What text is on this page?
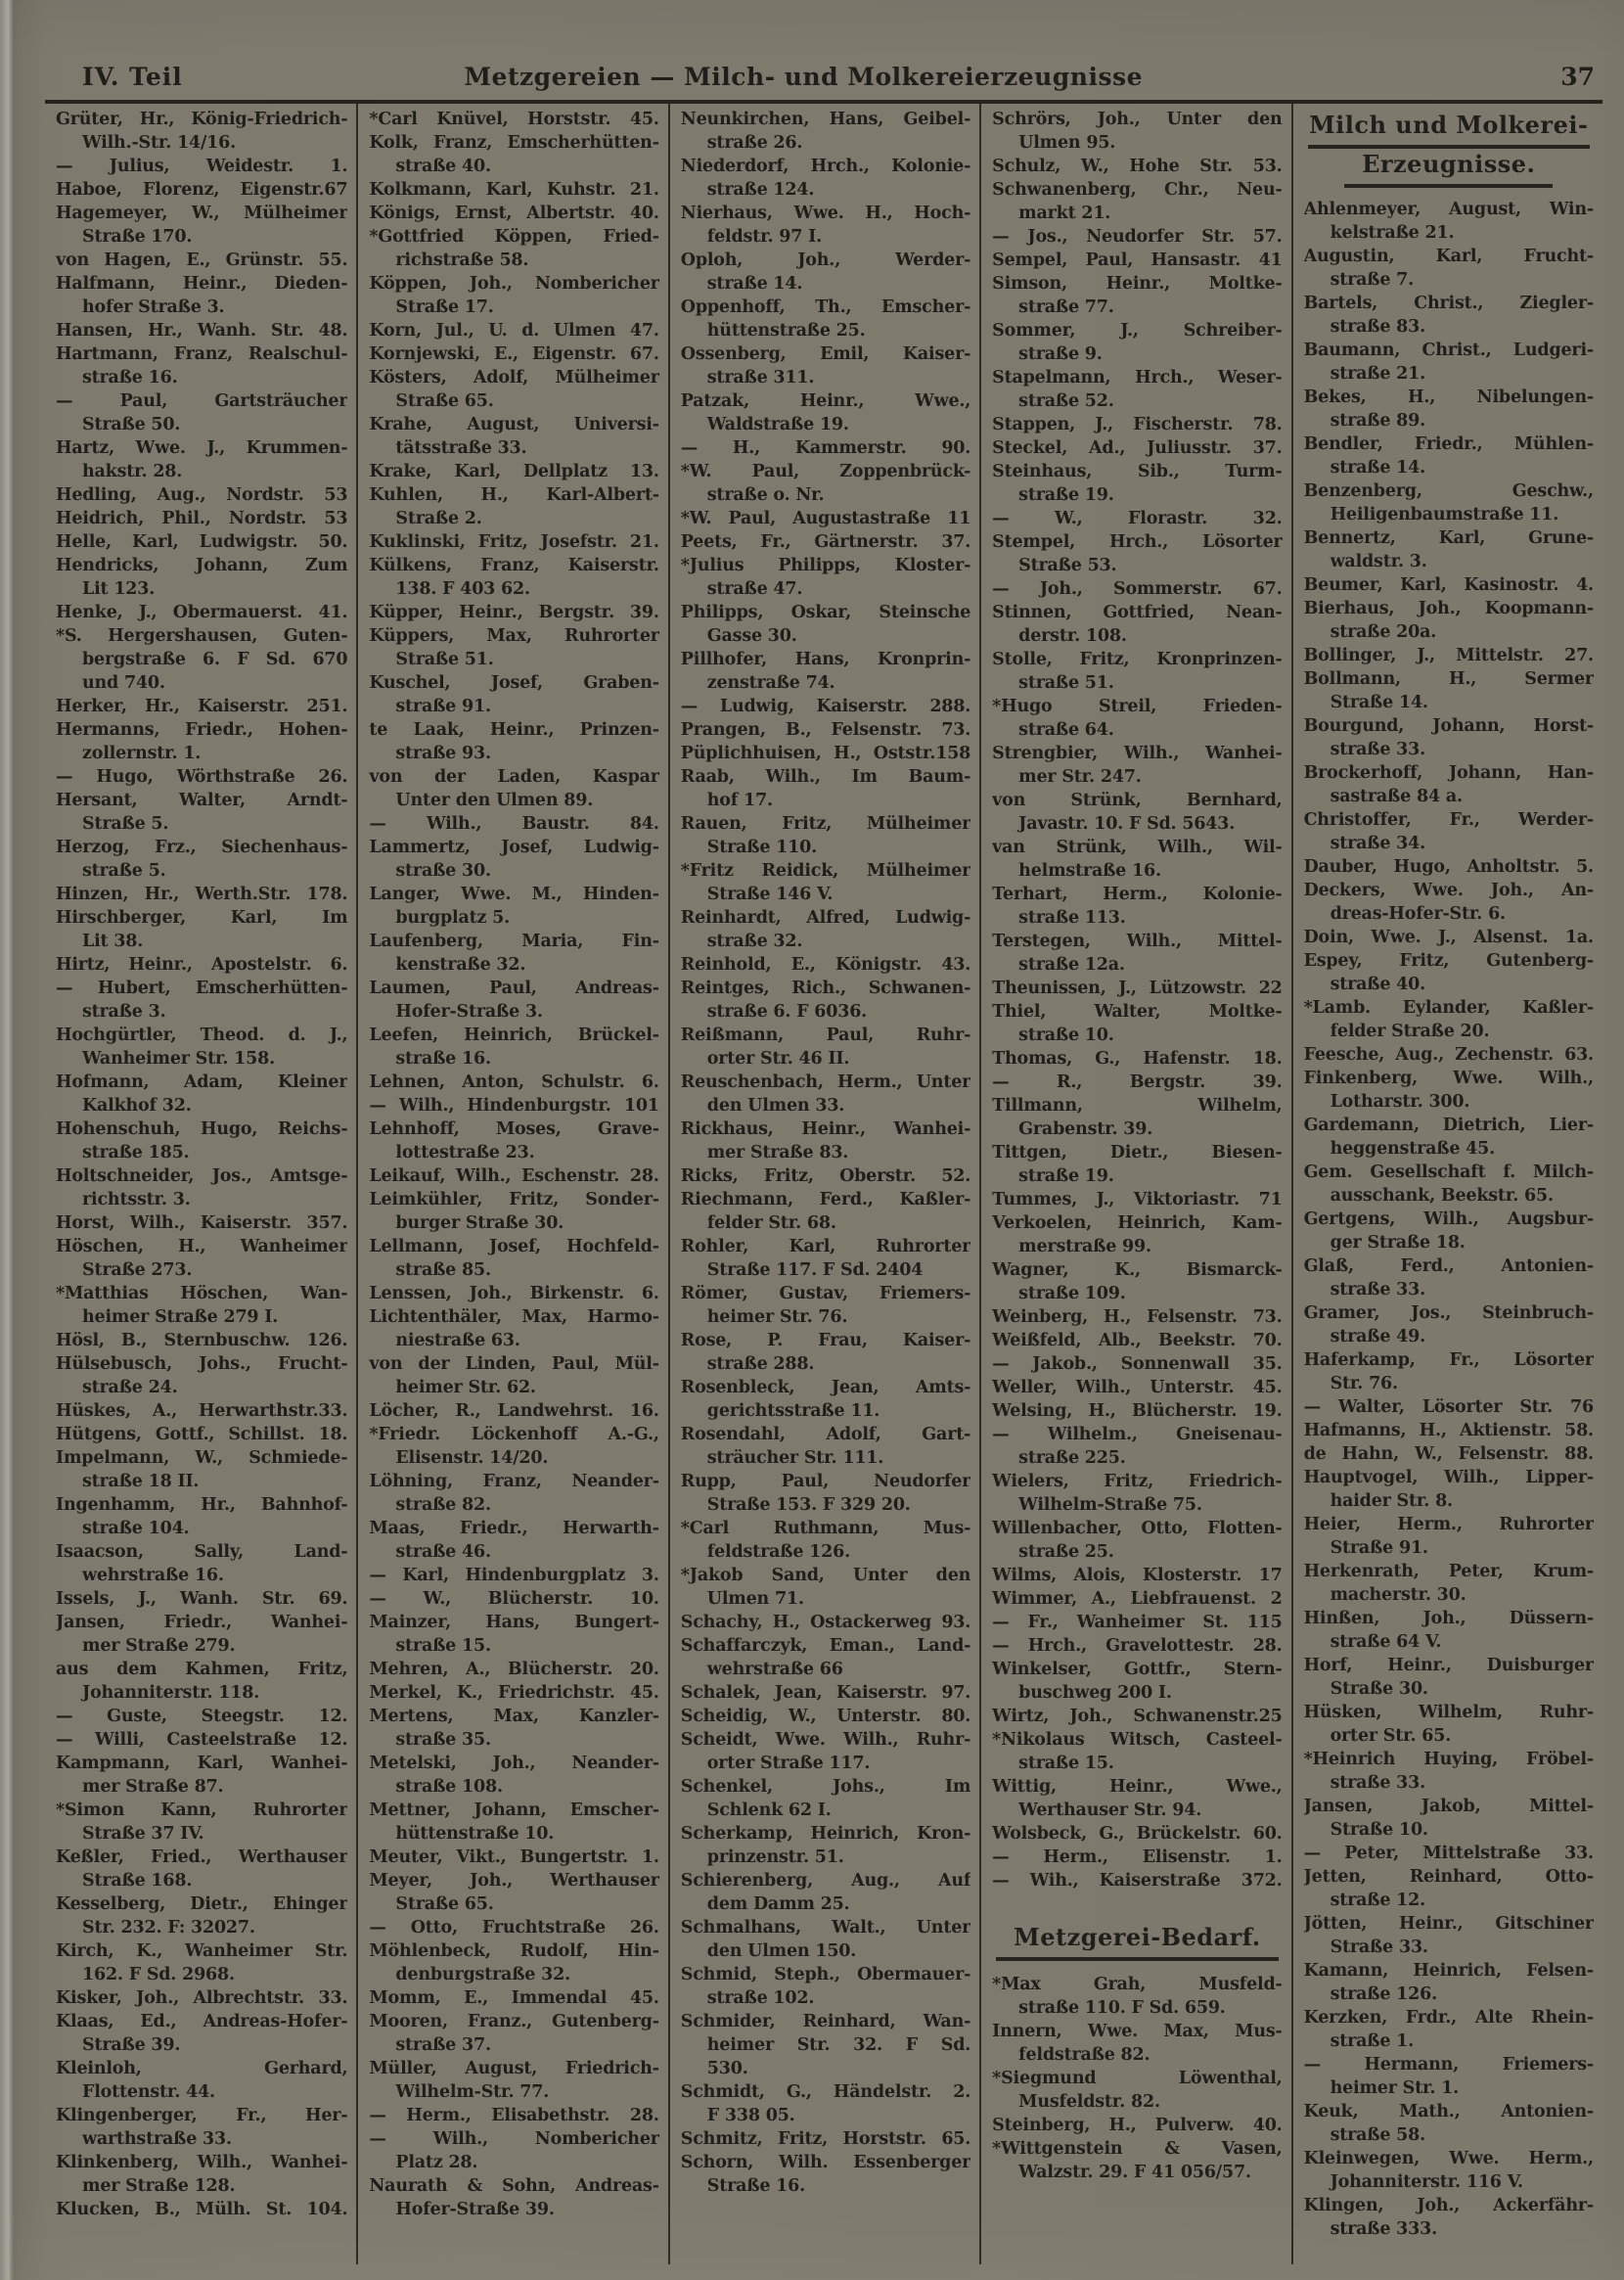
IV. Teil	Metzgereien — Milch- und Molkereierzeugnisse	37
Grüter, Hr., König-Friedrich-
Wilh.-Str. 14/16.
— Julius, Weidestr. 1.
Haboe, Florenz, Eigenstr.67
Hagemeyer, W., Mülheimer
Straße 170.
von Hagen, E., Grünstr. 55.
Halfmann, Heinr., Dieden-
hofer Straße 3.
Hansen, Hr., Wanh. Str. 48.
Hartmann, Franz, Realschul-
straße 16.
— Paul, Gartsträucher
Straße 50.
Hartz, Wwe. J., Krummen-
hakstr. 28.
Hedling, Aug., Nordstr. 53
Heidrich, Phil., Nordstr. 53
Helle, Karl, Ludwigstr. 50.
Hendricks, Johann, Zum
Lit 123.
Henke, J., Obermauerst. 41.
*S. Hergershausen, Guten-
bergstraße 6. F Sd. 670
und 740.
Herker, Hr., Kaiserstr. 251.
Hermanns, Friedr., Hohen-
zollernstr. 1.
— Hugo, Wörthstraße 26.
Hersant, Walter, Arndt-
Straße 5.
Herzog, Frz., Siechenhaus-
straße 5.
Hinzen, Hr., Werth.Str. 178.
Hirschberger, Karl, Im
Lit 38.
Hirtz, Heinr., Apostelstr. 6.
— Hubert, Emscherhütten-
straße 3.
Hochgürtler, Theod. d. J.,
Wanheimer Str. 158.
Hofmann, Adam, Kleiner
Kalkhof 32.
Hohenschuh, Hugo, Reichs-
straße 185.
Holtschneider, Jos., Amtsge-
richtsstr. 3.
Horst, Wilh., Kaiserstr. 357.
Höschen, H., Wanheimer
Straße 273.
*Matthias Höschen, Wan-
heimer Straße 279 I.
Hösl, B., Sternbuschw. 126.
Hülsebusch, Johs., Frucht-
straße 24.
Hüskes, A., Herwarthstr.33.
Hütgens, Gottf., Schillst. 18.
Impelmann, W., Schmiede-
straße 18 II.
Ingenhamm, Hr., Bahnhof-
straße 104.
Isaacson, Sally, Land-
wehrstraße 16.
Issels, J., Wanh. Str. 69.
Jansen, Friedr., Wanhei-
mer Straße 279.
aus dem Kahmen, Fritz,
Johanniterstr. 118.
— Guste, Steegstr. 12.
— Willi, Casteelstraße 12.
Kampmann, Karl, Wanhei-
mer Straße 87.
*Simon Kann, Ruhrorter
Straße 37 IV.
Keßler, Fried., Werthauser
Straße 168.
Kesselberg, Dietr., Ehinger
Str. 232. F: 32027.
Kirch, K., Wanheimer Str.
162. F Sd. 2968.
Kisker, Joh., Albrechtstr. 33.
Klaas, Ed., Andreas-Hofer-
Straße 39.
Kleinloh, Gerhard,
Flottenstr. 44.
Klingenberger, Fr., Her-
warthstraße 33.
Klinkenberg, Wilh., Wanhei-
mer Straße 128.
Klucken, B., Mülh. St. 104.
*Carl Knüvel, Horststr. 45.
Kolk, Franz, Emscherhütten-
straße 40.
Kolkmann, Karl, Kuhstr. 21.
Königs, Ernst, Albertstr. 40.
*Gottfried Köppen, Fried-
richstraße 58.
Köppen, Joh., Nombericher
Straße 17.
Korn, Jul., U. d. Ulmen 47.
Kornjewski, E., Eigenstr. 67.
Kösters, Adolf, Mülheimer
Straße 65.
Krahe, August, Universi-
tätsstraße 33.
Krake, Karl, Dellplatz 13.
Kuhlen, H., Karl-Albert-
Straße 2.
Kuklinski, Fritz, Josefstr. 21.
Külkens, Franz, Kaiserstr.
138. F 403 62.
Küpper, Heinr., Bergstr. 39.
Küppers, Max, Ruhrorter
Straße 51.
Kuschel, Josef, Graben-
straße 91.
te Laak, Heinr., Prinzen-
straße 93.
von der Laden, Kaspar
Unter den Ulmen 89.
— Wilh., Baustr. 84.
Lammertz, Josef, Ludwig-
straße 30.
Langer, Wwe. M., Hinden-
burgplatz 5.
Laufenberg, Maria, Fin-
kenstraße 32.
Laumen, Paul, Andreas-
Hofer-Straße 3.
Leefen, Heinrich, Brückel-
straße 16.
Lehnen, Anton, Schulstr. 6.
— Wilh., Hindenburgstr. 101
Lehnhoff, Moses, Grave-
lottestraße 23.
Leikauf, Wilh., Eschenstr. 28.
Leimkühler, Fritz, Sonder-
burger Straße 30.
Lellmann, Josef, Hochfeld-
straße 85.
Lenssen, Joh., Birkenstr. 6.
Lichtenthäler, Max, Harmo-
niestraße 63.
von der Linden, Paul, Mül-
heimer Str. 62.
Löcher, R., Landwehrst. 16.
*Friedr. Löckenhoff A.-G.,
Elisenstr. 14/20.
Löhning, Franz, Neander-
straße 82.
Maas, Friedr., Herwarth-
straße 46.
— Karl, Hindenburgplatz 3.
— W., Blücherstr. 10.
Mainzer, Hans, Bungert-
straße 15.
Mehren, A., Blücherstr. 20.
Merkel, K., Friedrichstr. 45.
Mertens, Max, Kanzler-
straße 35.
Metelski, Joh., Neander-
straße 108.
Mettner, Johann, Emscher-
hüttenstraße 10.
Meuter, Vikt., Bungertstr. 1.
Meyer, Joh., Werthauser
Straße 65.
— Otto, Fruchtstraße 26.
Möhlenbeck, Rudolf, Hin-
denburgstraße 32.
Momm, E., Immendal 45.
Mooren, Franz., Gutenberg-
straße 37.
Müller, August, Friedrich-
Wilhelm-Str. 77.
— Herm., Elisabethstr. 28.
— Wilh., Nombericher
Platz 28.
Naurath & Sohn, Andreas-
Hofer-Straße 39.
Neunkirchen, Hans, Geibel-
straße 26.
Niederdorf, Hrch., Kolonie-
straße 124.
Nierhaus, Wwe. H., Hoch-
feldstr. 97 I.
Oploh, Joh., Werder-
straße 14.
Oppenhoff, Th., Emscher-
hüttenstraße 25.
Ossenberg, Emil, Kaiser-
straße 311.
Patzak, Heinr., Wwe.,
Waldstraße 19.
— H., Kammerstr. 90.
*W. Paul, Zoppenbrück-
straße o. Nr.
*W. Paul, Augustastraße 11
Peets, Fr., Gärtnerstr. 37.
*Julius Philipps, Kloster-
straße 47.
Philipps, Oskar, Steinsche
Gasse 30.
Pillhofer, Hans, Kronprin-
zenstraße 74.
— Ludwig, Kaiserstr. 288.
Prangen, B., Felsenstr. 73.
Püplichhuisen, H., Oststr.158
Raab, Wilh., Im Baum-
hof 17.
Rauen, Fritz, Mülheimer
Straße 110.
*Fritz Reidick, Mülheimer
Straße 146 V.
Reinhardt, Alfred, Ludwig-
straße 32.
Reinhold, E., Königstr. 43.
Reintges, Rich., Schwanen-
straße 6. F 6036.
Reißmann, Paul, Ruhr-
orter Str. 46 II.
Reuschenbach, Herm., Unter
den Ulmen 33.
Rickhaus, Heinr., Wanhei-
mer Straße 83.
Ricks, Fritz, Oberstr. 52.
Riechmann, Ferd., Kaßler-
felder Str. 68.
Rohler, Karl, Ruhrorter
Straße 117. F Sd. 2404
Römer, Gustav, Friemers-
heimer Str. 76.
Rose, P. Frau, Kaiser-
straße 288.
Rosenbleck, Jean, Amts-
gerichtsstraße 11.
Rosendahl, Adolf, Gart-
sträucher Str. 111.
Rupp, Paul, Neudorfer
Straße 153. F 329 20.
*Carl Ruthmann, Mus-
feldstraße 126.
*Jakob Sand, Unter den
Ulmen 71.
Schachy, H., Ostackerweg 93.
Schaffarczyk, Eman., Land-
wehrstraße 66
Schalek, Jean, Kaiserstr. 97.
Scheidig, W., Unterstr. 80.
Scheidt, Wwe. Wilh., Ruhr-
orter Straße 117.
Schenkel, Johs., Im
Schlenk 62 I.
Scherkamp, Heinrich, Kron-
prinzenstr. 51.
Schierenberg, Aug., Auf
dem Damm 25.
Schmalhans, Walt., Unter
den Ulmen 150.
Schmid, Steph., Obermauer-
straße 102.
Schmider, Reinhard, Wan-
heimer Str. 32. F Sd.
530.
Schmidt, G., Händelstr. 2.
F 338 05.
Schmitz, Fritz, Horststr. 65.
Schorn, Wilh. Essenberger
Straße 16.
Schrörs, Joh., Unter den
Ulmen 95.
Schulz, W., Hohe Str. 53.
Schwanenberg, Chr., Neu-
markt 21.
— Jos., Neudorfer Str. 57.
Sempel, Paul, Hansastr. 41
Simson, Heinr., Moltke-
straße 77.
Sommer, J., Schreiber-
straße 9.
Stapelmann, Hrch., Weser-
straße 52.
Stappen, J., Fischerstr. 78.
Steckel, Ad., Juliusstr. 37.
Steinhaus, Sib., Turm-
straße 19.
— W., Florastr. 32.
Stempel, Hrch., Lösorter
Straße 53.
— Joh., Sommerstr. 67.
Stinnen, Gottfried, Nean-
derstr. 108.
Stolle, Fritz, Kronprinzen-
straße 51.
*Hugo Streil, Frieden-
straße 64.
Strengbier, Wilh., Wanhei-
mer Str. 247.
von Strünk, Bernhard,
Javastr. 10. F Sd. 5643.
van Strünk, Wilh., Wil-
helmstraße 16.
Terhart, Herm., Kolonie-
straße 113.
Terstegen, Wilh., Mittel-
straße 12a.
Theunissen, J., Lützowstr. 22
Thiel, Walter, Moltke-
straße 10.
Thomas, G., Hafenstr. 18.
— R., Bergstr. 39.
Tillmann, Wilhelm,
Grabenstr. 39.
Tittgen, Dietr., Biesen-
straße 19.
Tummes, J., Viktoriastr. 71
Verkoelen, Heinrich, Kam-
merstraße 99.
Wagner, K., Bismarck-
straße 109.
Weinberg, H., Felsenstr. 73.
Weißfeld, Alb., Beekstr. 70.
— Jakob., Sonnenwall 35.
Weller, Wilh., Unterstr. 45.
Welsing, H., Blücherstr. 19.
— Wilhelm., Gneisenau-
straße 225.
Wielers, Fritz, Friedrich-
Wilhelm-Straße 75.
Willenbacher, Otto, Flotten-
straße 25.
Wilms, Alois, Klosterstr. 17
Wimmer, A., Liebfrauenst. 2
— Fr., Wanheimer St. 115
— Hrch., Gravelottestr. 28.
Winkelser, Gottfr., Stern-
buschweg 200 I.
Wirtz, Joh., Schwanenstr.25
*Nikolaus Witsch, Casteel-
straße 15.
Wittig, Heinr., Wwe.,
Werthauser Str. 94.
Wolsbeck, G., Brückelstr. 60.
— Herm., Elisenstr. 1.
— Wih., Kaiserstraße 372.
Metzgerei-Bedarf.
*Max Grah, Musfeld-
straße 110. F Sd. 659.
Innern, Wwe. Max, Mus-
feldstraße 82.
*Siegmund Löwenthal,
Musfeldstr. 82.
Steinberg, H., Pulverw. 40.
*Wittgenstein & Vasen,
Walzstr. 29. F 41 056/57.
Milch und Molkerei-
Erzeugnisse.
Ahlenmeyer, August, Win-
kelstraße 21.
Augustin, Karl, Frucht-
straße 7.
Bartels, Christ., Ziegler-
straße 83.
Baumann, Christ., Ludgeri-
straße 21.
Bekes, H., Nibelungen-
straße 89.
Bendler, Friedr., Mühlen-
straße 14.
Benzenberg, Geschw.,
Heiligenbaumstraße 11.
Bennertz, Karl, Grune-
waldstr. 3.
Beumer, Karl, Kasinostr. 4.
Bierhaus, Joh., Koopmann-
straße 20a.
Bollinger, J., Mittelstr. 27.
Bollmann, H., Sermer
Straße 14.
Bourgund, Johann, Horst-
straße 33.
Brockerhoff, Johann, Han-
sastraße 84 a.
Christoffer, Fr., Werder-
straße 34.
Dauber, Hugo, Anholtstr. 5.
Deckers, Wwe. Joh., An-
dreas-Hofer-Str. 6.
Doin, Wwe. J., Alsenst. 1a.
Espey, Fritz, Gutenberg-
straße 40.
*Lamb. Eylander, Kaßler-
felder Straße 20.
Feesche, Aug., Zechenstr. 63.
Finkenberg, Wwe. Wilh.,
Lotharstr. 300.
Gardemann, Dietrich, Lier-
heggenstraße 45.
Gem. Gesellschaft f. Milch-
ausschank, Beekstr. 65.
Gertgens, Wilh., Augsbur-
ger Straße 18.
Glaß, Ferd., Antonien-
straße 33.
Gramer, Jos., Steinbruch-
straße 49.
Haferkamp, Fr., Lösorter
Str. 76.
— Walter, Lösorter Str. 76
Hafmanns, H., Aktienstr. 58.
de Hahn, W., Felsenstr. 88.
Hauptvogel, Wilh., Lipper-
haider Str. 8.
Heier, Herm., Ruhrorter
Straße 91.
Herkenrath, Peter, Krum-
macherstr. 30.
Hinßen, Joh., Düssern-
straße 64 V.
Horf, Heinr., Duisburger
Straße 30.
Hüsken, Wilhelm, Ruhr-
orter Str. 65.
*Heinrich Huying, Fröbel-
straße 33.
Jansen, Jakob, Mittel-
Straße 10.
— Peter, Mittelstraße 33.
Jetten, Reinhard, Otto-
straße 12.
Jötten, Heinr., Gitschiner
Straße 33.
Kamann, Heinrich, Felsen-
straße 126.
Kerzken, Frdr., Alte Rhein-
straße 1.
— Hermann, Friemers-
heimer Str. 1.
Keuk, Math., Antonien-
straße 58.
Kleinwegen, Wwe. Herm.,
Johanniterstr. 116 V.
Klingen, Joh., Ackerfähr-
straße 333.
